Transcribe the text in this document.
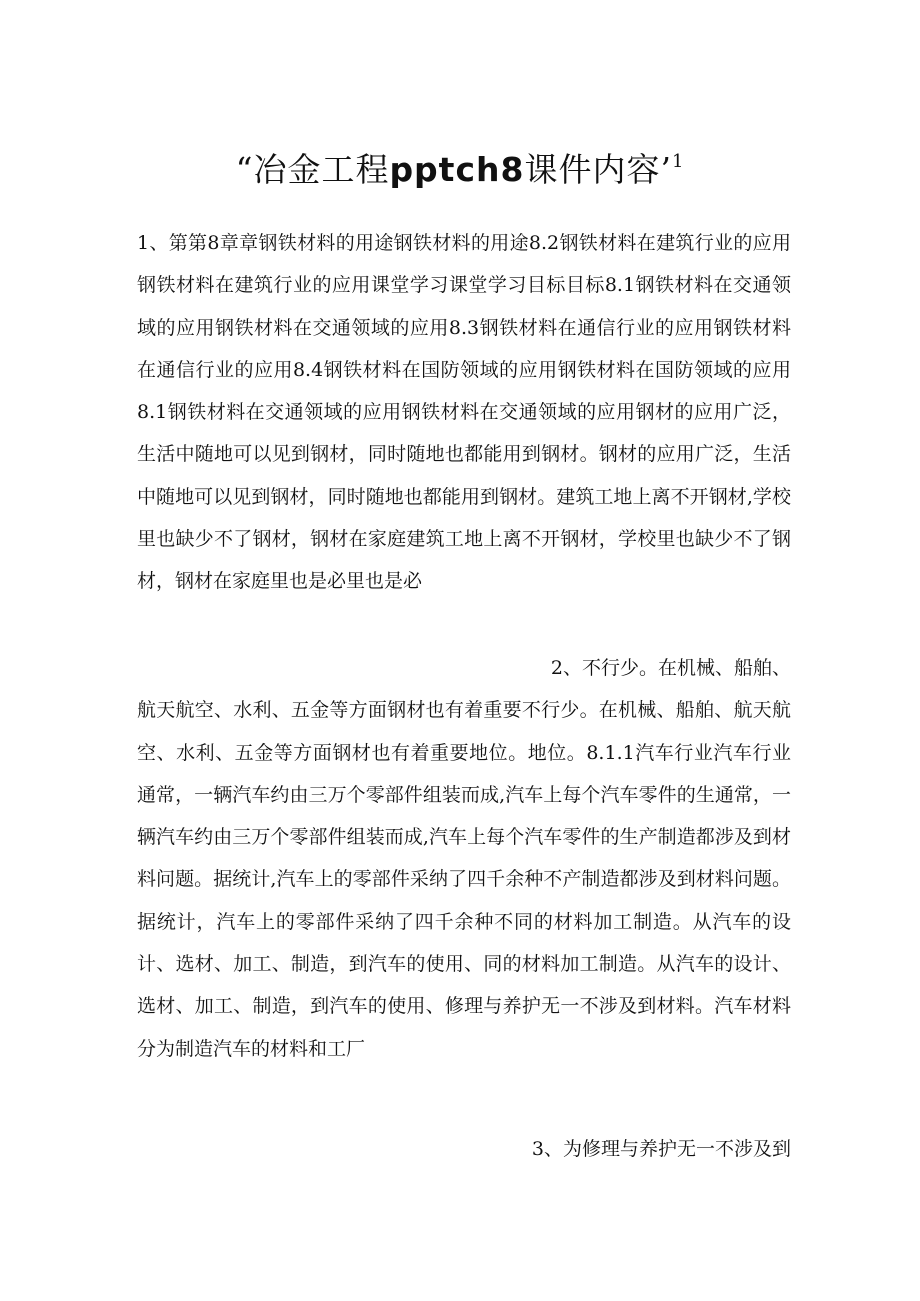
“冶金工程pptch8课件内容’$^1$
1、第第8章章钢铁材料的用途钢铁材料的用途8.2钢铁材料在建筑行业的应用钢铁材料在建筑行业的应用课堂学习课堂学习目标目标8.1钢铁材料在交通领域的应用钢铁材料在交通领域的应用8.3钢铁材料在通信行业的应用钢铁材料在通信行业的应用8.4钢铁材料在国防领域的应用钢铁材料在国防领域的应用8.1钢铁材料在交通领域的应用钢铁材料在交通领域的应用钢材的应用广泛，生活中随地可以见到钢材，同时随地也都能用到钢材。钢材的应用广泛，生活中随地可以见到钢材，同时随地也都能用到钢材。建筑工地上离不开钢材,学校里也缺少不了钢材，钢材在家庭建筑工地上离不开钢材，学校里也缺少不了钢材，钢材在家庭里也是必里也是必
2、不行少。在机械、船舶、
航天航空、水利、五金等方面钢材也有着重要不行少。在机械、船舶、航天航空、水利、五金等方面钢材也有着重要地位。地位。8.1.1汽车行业汽车行业通常，一辆汽车约由三万个零部件组装而成,汽车上每个汽车零件的生通常，一辆汽车约由三万个零部件组装而成,汽车上每个汽车零件的生产制造都涉及到材料问题。据统计,汽车上的零部件采纳了四千余种不产制造都涉及到材料问题。据统计，汽车上的零部件采纳了四千余种不同的材料加工制造。从汽车的设计、选材、加工、制造，到汽车的使用、同的材料加工制造。从汽车的设计、选材、加工、制造，到汽车的使用、修理与养护无一不涉及到材料。汽车材料分为制造汽车的材料和工厂
3、为修理与养护无一不涉及到
